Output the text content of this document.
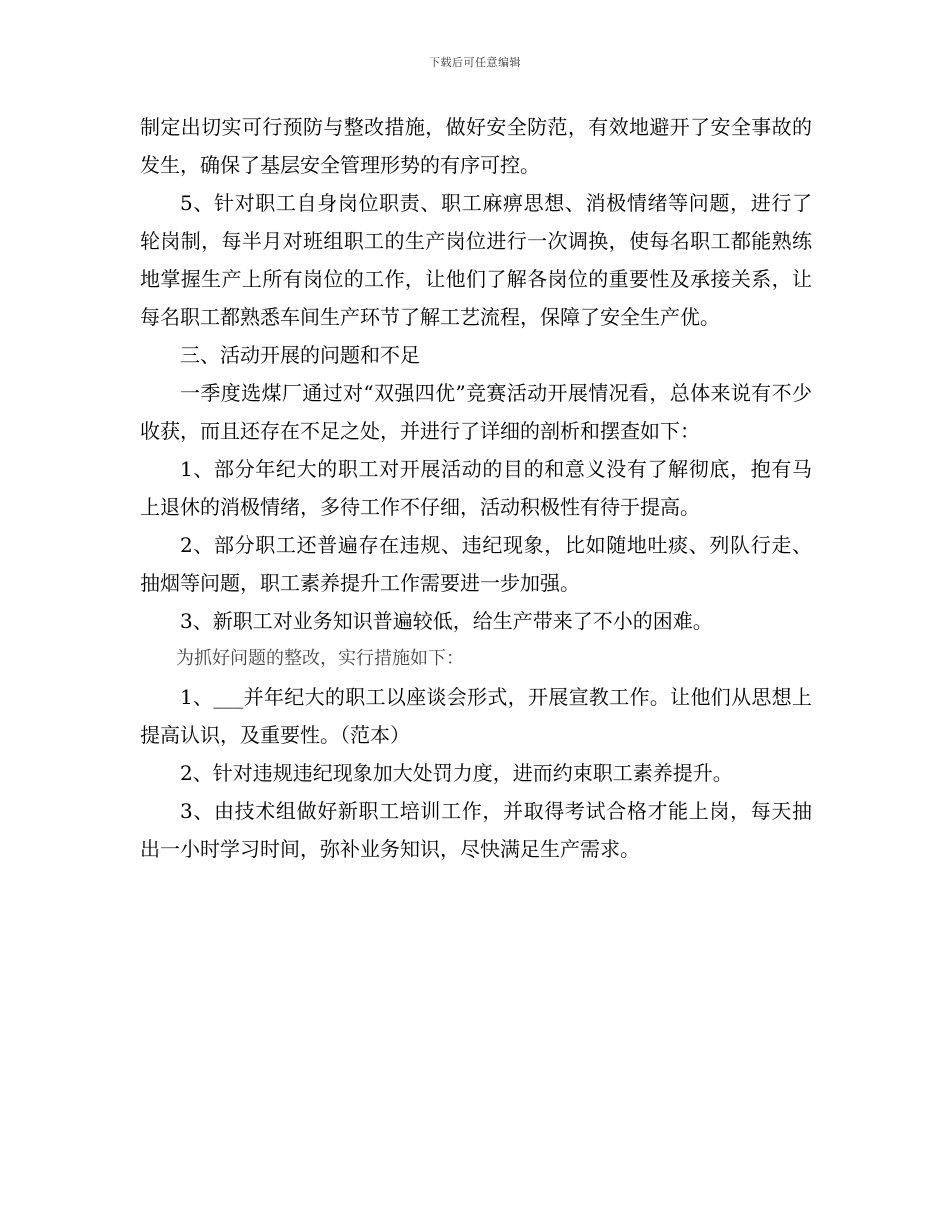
下载后可任意编辑

制定出切实可行预防与整改措施，做好安全防范，有效地避开了安全事故的发生，确保了基层安全管理形势的有序可控。

5、针对职工自身岗位职责、职工麻痹思想、消极情绪等问题，进行了轮岗制，每半月对班组职工的生产岗位进行一次调换，使每名职工都能熟练地掌握生产上所有岗位的工作，让他们了解各岗位的重要性及承接关系，让每名职工都熟悉车间生产环节了解工艺流程，保障了安全生产优。

三、活动开展的问题和不足

一季度选煤厂通过对“双强四优”竞赛活动开展情况看，总体来说有不少收获，而且还存在不足之处，并进行了详细的剖析和摆查如下：

1、部分年纪大的职工对开展活动的目的和意义没有了解彻底，抱有马上退休的消极情绪，多待工作不仔细，活动积极性有待于提高。

2、部分职工还普遍存在违规、违纪现象，比如随地吐痰、列队行走、抽烟等问题，职工素养提升工作需要进一步加强。

3、新职工对业务知识普遍较低，给生产带来了不小的困难。

为抓好问题的整改，实行措施如下：

1、___并年纪大的职工以座谈会形式，开展宣教工作。让他们从思想上提高认识，及重要性。（范本）

2、针对违规违纪现象加大处罚力度，进而约束职工素养提升。

3、由技术组做好新职工培训工作，并取得考试合格才能上岗，每天抽出一小时学习时间，弥补业务知识，尽快满足生产需求。
